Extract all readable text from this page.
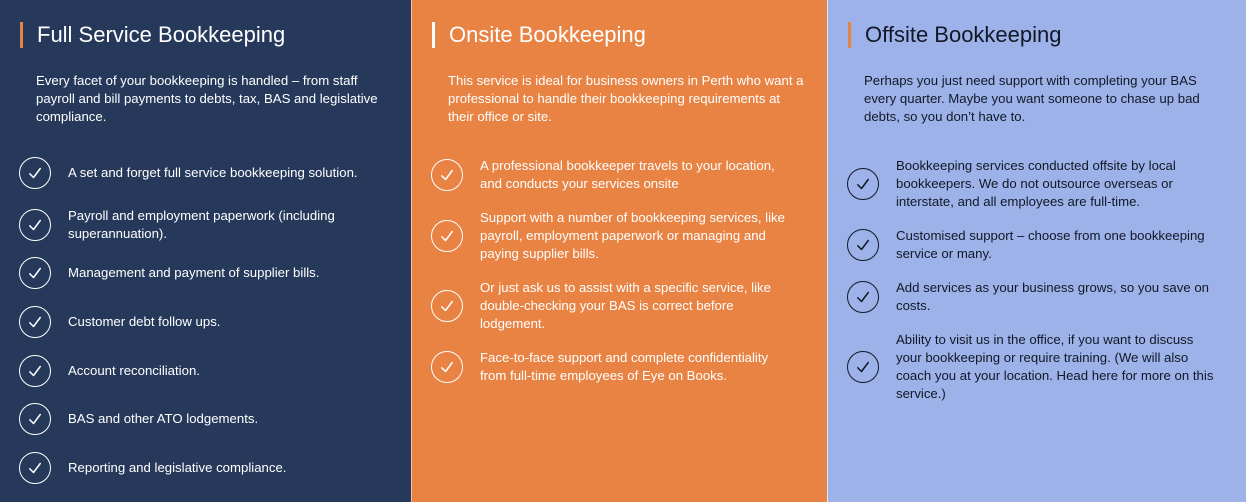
Full Service Bookkeeping

Every facet of your bookkeeping is handled – from staff payroll and bill payments to debts, tax, BAS and legislative compliance.

A set and forget full service bookkeeping solution.
Payroll and employment paperwork (including superannuation).
Management and payment of supplier bills.
Customer debt follow ups.
Account reconciliation.
BAS and other ATO lodgements.
Reporting and legislative compliance.
Onsite Bookkeeping

This service is ideal for business owners in Perth who want a professional to handle their bookkeeping requirements at their office or site.

A professional bookkeeper travels to your location, and conducts your services onsite
Support with a number of bookkeeping services, like payroll, employment paperwork or managing and paying supplier bills.
Or just ask us to assist with a specific service, like double-checking your BAS is correct before lodgement.
Face-to-face support and complete confidentiality from full-time employees of Eye on Books.
Offsite Bookkeeping

Perhaps you just need support with completing your BAS every quarter. Maybe you want someone to chase up bad debts, so you don’t have to.

Bookkeeping services conducted offsite by local bookkeepers. We do not outsource overseas or interstate, and all employees are full-time.
Customised support – choose from one bookkeeping service or many.
Add services as your business grows, so you save on costs.
Ability to visit us in the office, if you want to discuss your bookkeeping or require training. (We will also coach you at your location. Head here for more on this service.)
